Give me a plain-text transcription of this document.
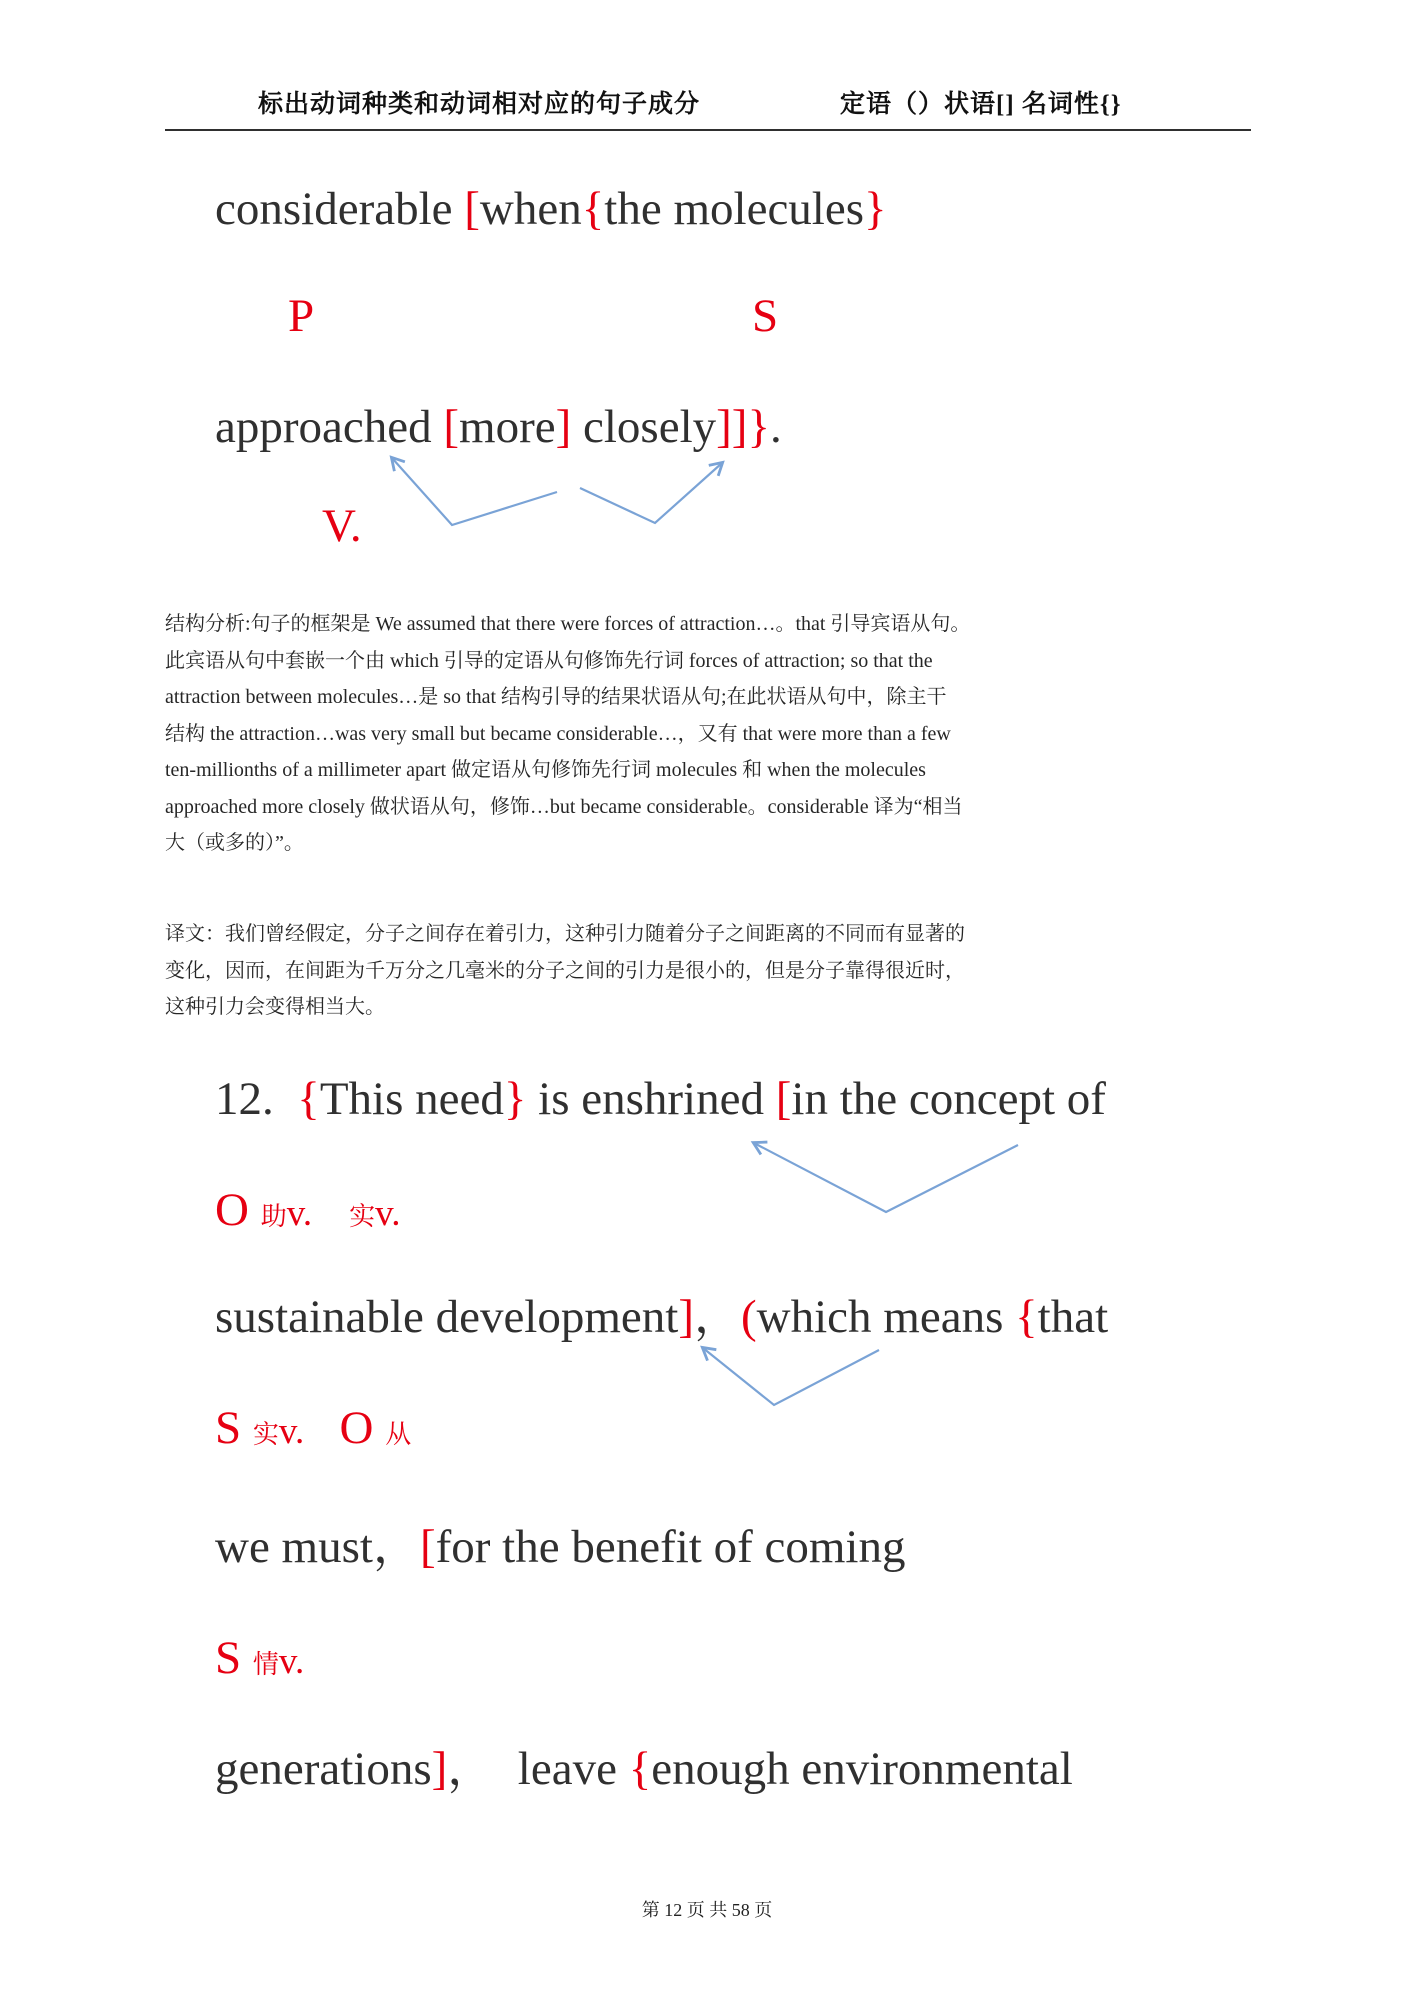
标出动词种类和动词相对应的句子成分	定语（）状语[] 名词性{}
considerable [when{the molecules}
P	S
approached [more] closely]]}.
V.
结构分析:句子的框架是 We assumed that there were forces of attraction…。that 引导宾语从句。
此宾语从句中套嵌一个由 which 引导的定语从句修饰先行词 forces of attraction; so that the
attraction between molecules…是 so that 结构引导的结果状语从句;在此状语从句中，除主干
结构 the attraction…was very small but became considerable…，又有 that were more than a few
ten-millionths of a millimeter apart 做定语从句修饰先行词 molecules 和 when the molecules
approached more closely 做状语从句，修饰…but became considerable。considerable 译为“相当
大（或多的）”。
译文：我们曾经假定，分子之间存在着引力，这种引力随着分子之间距离的不同而有显著的
变化，因而，在间距为千万分之几毫米的分子之间的引力是很小的，但是分子靠得很近时，
这种引力会变得相当大。
12.  {This need} is enshrined [in the concept of
O 助v. 实v.
sustainable development]，(which means {that
S 实v. O 从
we must，[for the benefit of coming
S 情v.
generations]，  leave {enough environmental
第 12 页 共 58 页
